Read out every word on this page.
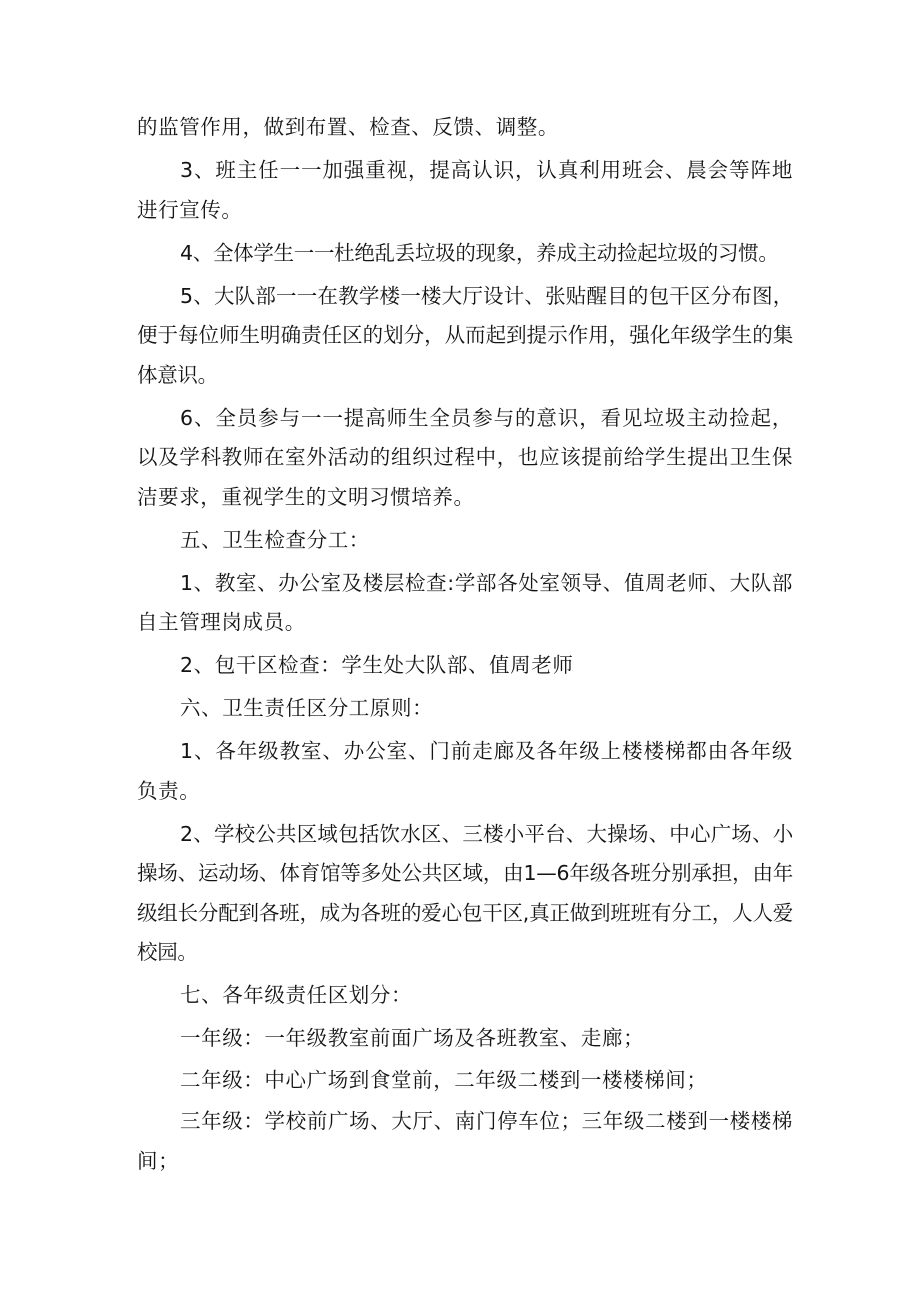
的监管作用，做到布置、检查、反馈、调整。

3、班主任一一加强重视，提高认识，认真利用班会、晨会等阵地进行宣传。

4、全体学生一一杜绝乱丢垃圾的现象，养成主动捡起垃圾的习惯。

5、大队部一一在教学楼一楼大厅设计、张贴醒目的包干区分布图，便于每位师生明确责任区的划分，从而起到提示作用，强化年级学生的集体意识。

6、全员参与一一提高师生全员参与的意识，看见垃圾主动捡起，以及学科教师在室外活动的组织过程中，也应该提前给学生提出卫生保洁要求，重视学生的文明习惯培养。

五、卫生检查分工：

1、教室、办公室及楼层检查:学部各处室领导、值周老师、大队部自主管理岗成员。

2、包干区检查：学生处大队部、值周老师

六、卫生责任区分工原则：

1、各年级教室、办公室、门前走廊及各年级上楼楼梯都由各年级负责。

2、学校公共区域包括饮水区、三楼小平台、大操场、中心广场、小操场、运动场、体育馆等多处公共区域，由1—6年级各班分别承担，由年级组长分配到各班，成为各班的爱心包干区,真正做到班班有分工，人人爱校园。

七、各年级责任区划分：

一年级：一年级教室前面广场及各班教室、走廊；

二年级：中心广场到食堂前，二年级二楼到一楼楼梯间；

三年级：学校前广场、大厅、南门停车位；三年级二楼到一楼楼梯间；
